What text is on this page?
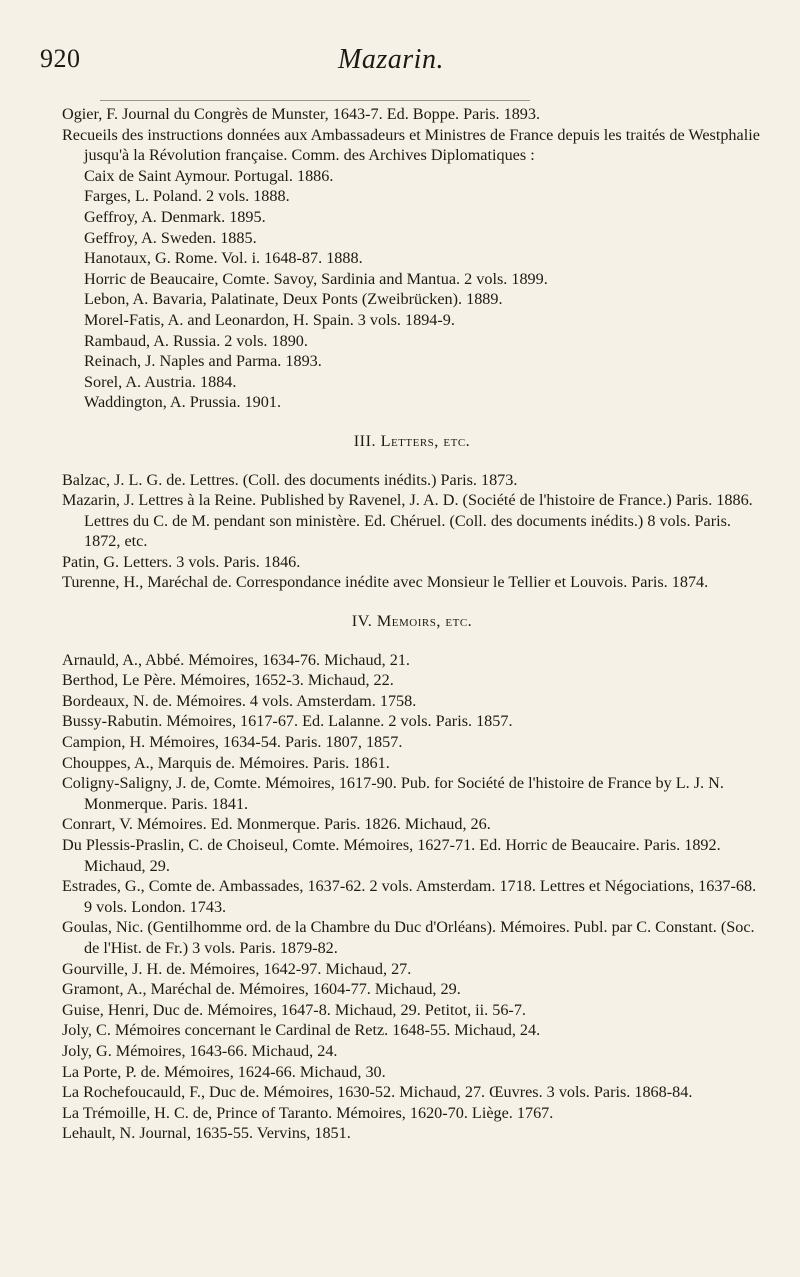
920	Mazarin.

Ogier, F. Journal du Congrès de Munster, 1643-7. Ed. Boppe. Paris. 1893.

Recueils des instructions données aux Ambassadeurs et Ministres de France depuis les traités de Westphalie jusqu'à la Révolution française. Comm. des Archives Diplomatiques :

Caix de Saint Aymour. Portugal. 1886.

Farges, L. Poland. 2 vols. 1888.

Geffroy, A. Denmark. 1895.

Geffroy, A. Sweden. 1885.

Hanotaux, G. Rome. Vol. i. 1648-87. 1888.

Horric de Beaucaire, Comte. Savoy, Sardinia and Mantua. 2 vols. 1899.

Lebon, A. Bavaria, Palatinate, Deux Ponts (Zweibrücken). 1889.

Morel-Fatis, A. and Leonardon, H. Spain. 3 vols. 1894-9.

Rambaud, A. Russia. 2 vols. 1890.

Reinach, J. Naples and Parma. 1893.

Sorel, A. Austria. 1884.

Waddington, A. Prussia. 1901.

III. Letters, etc.

Balzac, J. L. G. de. Lettres. (Coll. des documents inédits.) Paris. 1873.

Mazarin, J. Lettres à la Reine. Published by Ravenel, J. A. D. (Société de l'histoire de France.) Paris. 1886. Lettres du C. de M. pendant son ministère. Ed. Chéruel. (Coll. des documents inédits.) 8 vols. Paris. 1872, etc.

Patin, G. Letters. 3 vols. Paris. 1846.

Turenne, H., Maréchal de. Correspondance inédite avec Monsieur le Tellier et Louvois. Paris. 1874.

IV. Memoirs, etc.

Arnauld, A., Abbé. Mémoires, 1634-76. Michaud, 21.

Berthod, Le Père. Mémoires, 1652-3. Michaud, 22.

Bordeaux, N. de. Mémoires. 4 vols. Amsterdam. 1758.

Bussy-Rabutin. Mémoires, 1617-67. Ed. Lalanne. 2 vols. Paris. 1857.

Campion, H. Mémoires, 1634-54. Paris. 1807, 1857.

Chouppes, A., Marquis de. Mémoires. Paris. 1861.

Coligny-Saligny, J. de, Comte. Mémoires, 1617-90. Pub. for Société de l'histoire de France by L. J. N. Monmerque. Paris. 1841.

Conrart, V. Mémoires. Ed. Monmerque. Paris. 1826. Michaud, 26.

Du Plessis-Praslin, C. de Choiseul, Comte. Mémoires, 1627-71. Ed. Horric de Beaucaire. Paris. 1892. Michaud, 29.

Estrades, G., Comte de. Ambassades, 1637-62. 2 vols. Amsterdam. 1718. Lettres et Négociations, 1637-68. 9 vols. London. 1743.

Goulas, Nic. (Gentilhomme ord. de la Chambre du Duc d'Orléans). Mémoires. Publ. par C. Constant. (Soc. de l'Hist. de Fr.) 3 vols. Paris. 1879-82.

Gourville, J. H. de. Mémoires, 1642-97. Michaud, 27.

Gramont, A., Maréchal de. Mémoires, 1604-77. Michaud, 29.

Guise, Henri, Duc de. Mémoires, 1647-8. Michaud, 29. Petitot, ii. 56-7.

Joly, C. Mémoires concernant le Cardinal de Retz. 1648-55. Michaud, 24.

Joly, G. Mémoires, 1643-66. Michaud, 24.

La Porte, P. de. Mémoires, 1624-66. Michaud, 30.

La Rochefoucauld, F., Duc de. Mémoires, 1630-52. Michaud, 27. Œuvres. 3 vols. Paris. 1868-84.

La Trémoille, H. C. de, Prince of Taranto. Mémoires, 1620-70. Liège. 1767.

Lehault, N. Journal, 1635-55. Vervins, 1851.
